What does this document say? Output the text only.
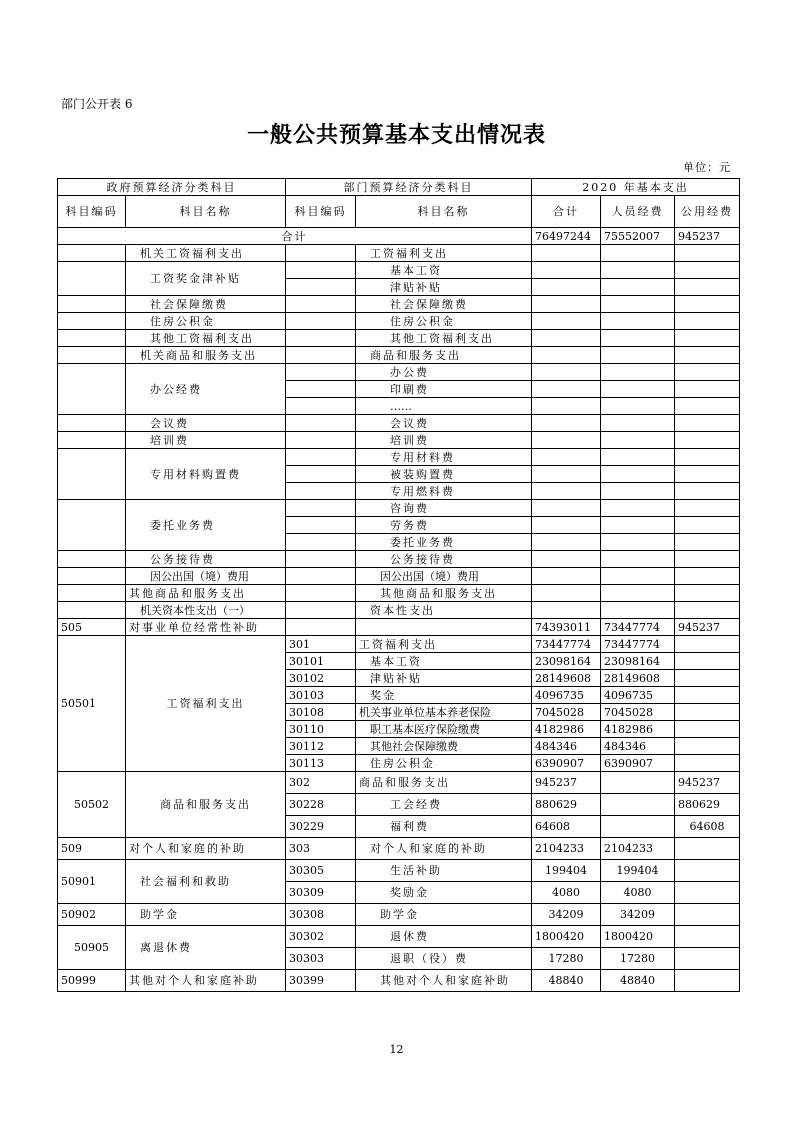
部门公开表 6
一般公共预算基本支出情况表
单位：元
政府预算经济分类科目		部门预算经济分类科目		2020 年基本支出		
科目编码	科目名称	科目编码	科目名称	合计	人员经费	公用经费
合计				76497244	75552007	945237
	机关工资福利支出		工资福利支出			
	工资奖金津补贴		基本工资			
			津贴补贴			
	社会保障缴费		社会保障缴费			
	住房公积金		住房公积金			
	其他工资福利支出		其他工资福利支出			
	机关商品和服务支出		商品和服务支出			
	办公经费		办公费			
			印刷费			
			……			
	会议费		会议费			
	培训费		培训费			
	专用材料购置费		专用材料费			
			被装购置费			
			专用燃料费			
	委托业务费		咨询费			
			劳务费			
			委托业务费			
	公务接待费		公务接待费			
	因公出国（境）费用		因公出国（境）费用			
	其他商品和服务支出		其他商品和服务支出			
	机关资本性支出（一）		资本性支出			
505	对事业单位经常性补助			74393011	73447774	945237
50501	工资福利支出	301	工资福利支出	73447774	73447774	
		30101	基本工资	23098164	23098164	
		30102	津贴补贴	28149608	28149608	
		30103	奖金	4096735	4096735	
		30108	机关事业单位基本养老保险	7045028	7045028	
		30110	职工基本医疗保险缴费	4182986	4182986	
		30112	其他社会保障缴费	484346	484346	
		30113	住房公积金	6390907	6390907	
50502	商品和服务支出	302	商品和服务支出	945237		945237
		30228	工会经费	880629		880629
		30229	福利费	64608		64608
509	对个人和家庭的补助	303	对个人和家庭的补助	2104233	2104233	
50901	社会福利和救助	30305	生活补助	199404	199404	
		30309	奖励金	4080	4080	
50902	助学金	30308	助学金	34209	34209	
50905	离退休费	30302	退休费	1800420	1800420	
		30303	退职（役）费	17280	17280	
50999	其他对个人和家庭补助	30399	其他对个人和家庭补助	48840	48840	
12
